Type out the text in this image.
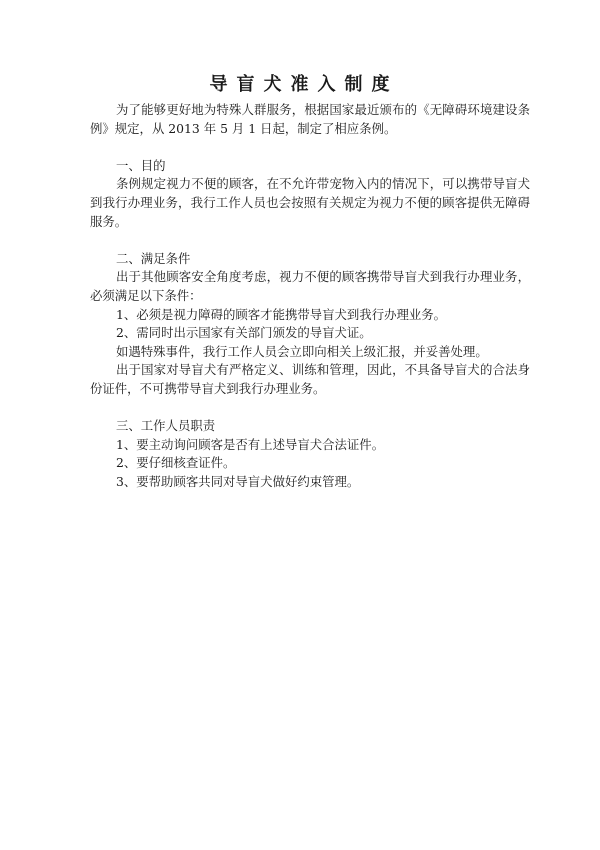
导盲犬准入制度

为了能够更好地为特殊人群服务，根据国家最近颁布的《无障碍环境建设条例》规定，从 2013 年 5 月 1 日起，制定了相应条例。

一、目的

条例规定视力不便的顾客，在不允许带宠物入内的情况下，可以携带导盲犬到我行办理业务，我行工作人员也会按照有关规定为视力不便的顾客提供无障碍服务。

二、满足条件

出于其他顾客安全角度考虑，视力不便的顾客携带导盲犬到我行办理业务，必须满足以下条件：

1、必须是视力障碍的顾客才能携带导盲犬到我行办理业务。

2、需同时出示国家有关部门颁发的导盲犬证。

如遇特殊事件，我行工作人员会立即向相关上级汇报，并妥善处理。

出于国家对导盲犬有严格定义、训练和管理，因此，不具备导盲犬的合法身份证件，不可携带导盲犬到我行办理业务。

三、工作人员职责

1、要主动询问顾客是否有上述导盲犬合法证件。

2、要仔细核查证件。

3、要帮助顾客共同对导盲犬做好约束管理。
